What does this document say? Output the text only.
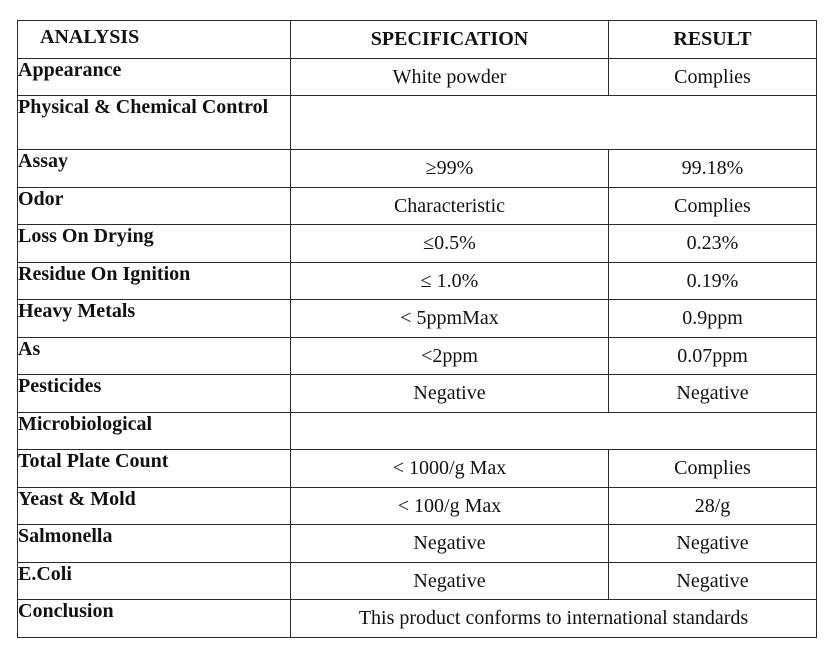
ANALYSIS	SPECIFICATION	RESULT
Appearance	White powder	Complies
Physical & Chemical Control		
Assay	≥99%	99.18%
Odor	Characteristic	Complies
Loss On Drying	≤0.5%	0.23%
Residue On Ignition	≤ 1.0%	0.19%
Heavy Metals	< 5ppmMax	0.9ppm
As	<2ppm	0.07ppm
Pesticides	Negative	Negative
Microbiological		
Total Plate Count	< 1000/g Max	Complies
Yeast & Mold	< 100/g Max	28/g
Salmonella	Negative	Negative
E.Coli	Negative	Negative
Conclusion	This product conforms to international standards	
